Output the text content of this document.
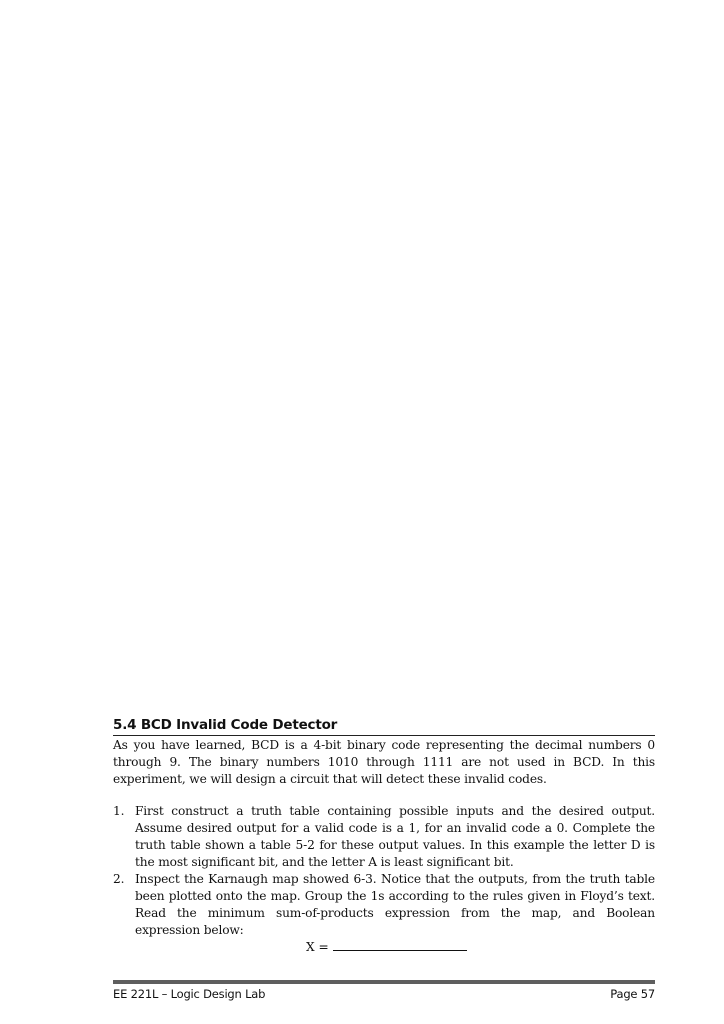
5.4 BCD Invalid Code Detector

As you have learned, BCD is a 4-bit binary code representing the decimal numbers 0 through 9. The binary numbers 1010 through 1111 are not used in BCD. In this experiment, we will design a circuit that will detect these invalid codes.

1. First construct a truth table containing possible inputs and the desired output. Assume desired output for a valid code is a 1, for an invalid code a 0. Complete the truth table shown a table 5-2 for these output values. In this example the letter D is the most significant bit, and the letter A is least significant bit.
2. Inspect the Karnaugh map showed 6-3. Notice that the outputs, from the truth table been plotted onto the map. Group the 1s according to the rules given in Floyd’s text. Read the minimum sum-of-products expression from the map, and Boolean expression below:
X =
EE 221L – Logic Design Lab	Page 57
